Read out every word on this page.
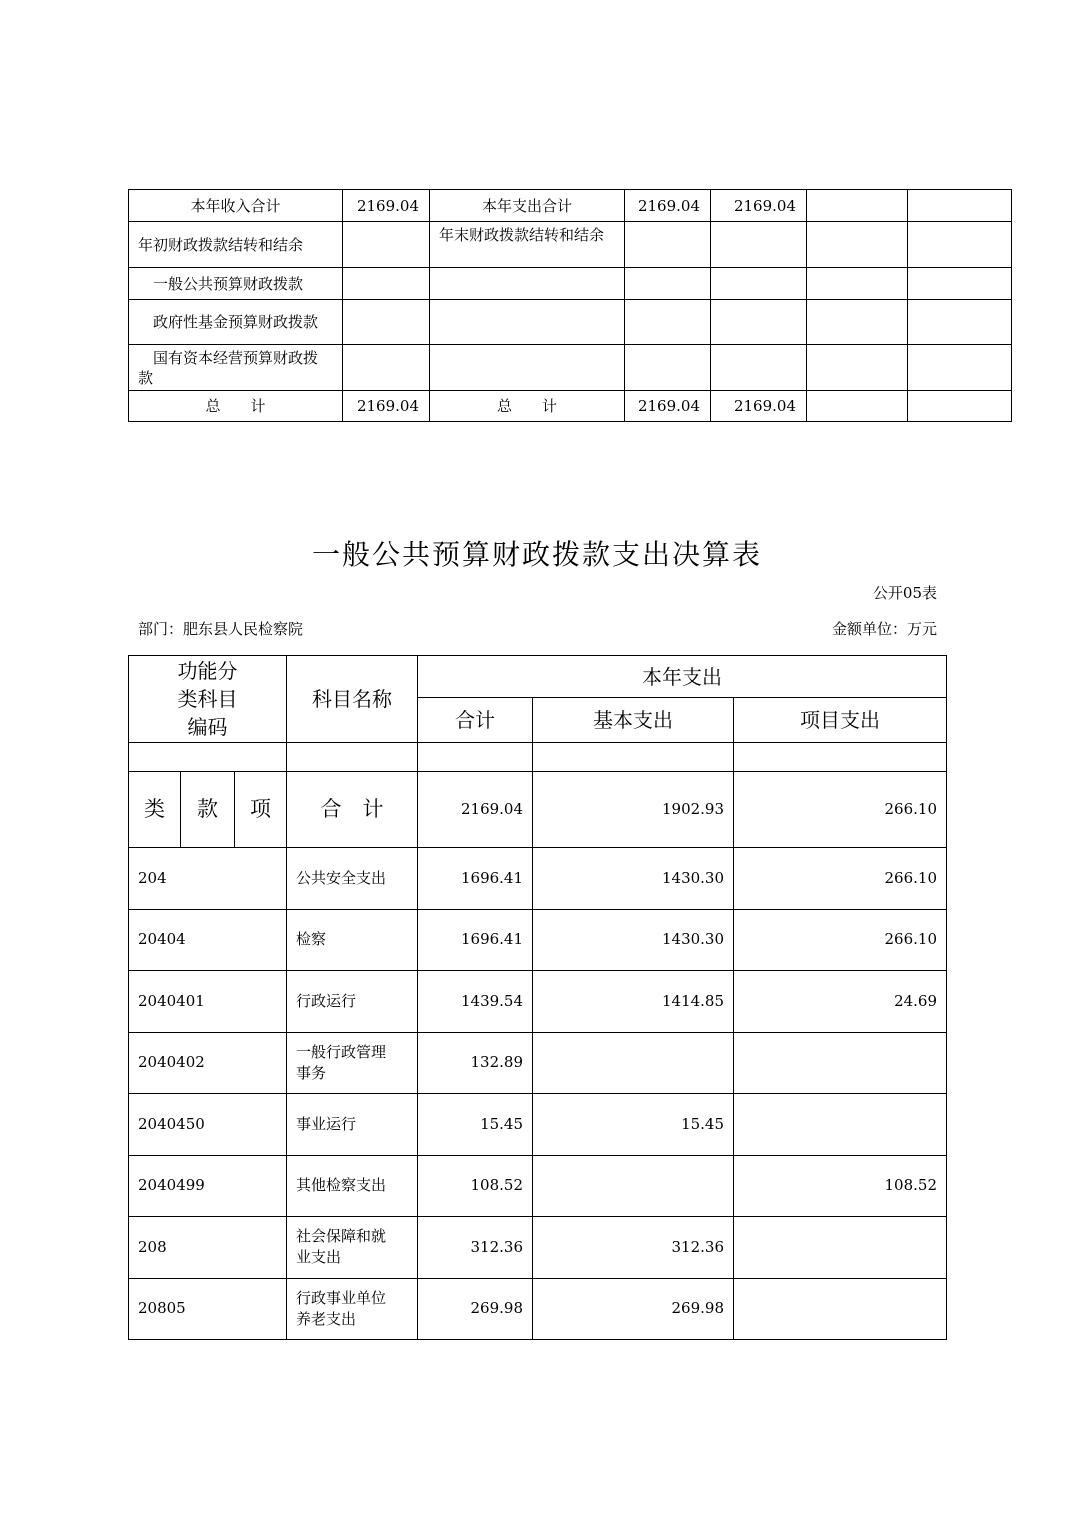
本年收入合计	2169.04	本年支出合计	2169.04	2169.04		
年初财政拨款结转和结余		年末财政拨款结转和结余				
一般公共预算财政拨款						
政府性基金预算财政拨款						
国有资本经营预算财政拨款						
总　　计	2169.04	总　　计	2169.04	2169.04		
一般公共预算财政拨款支出决算表
公开05表
部门：肥东县人民检察院	金额单位：万元
功能分类科目编码			科目名称	本年支出		
				合计	基本支出	项目支出

类	款	项	合　计	2169.04	1902.93	266.10
204			公共安全支出	1696.41	1430.30	266.10
20404			检察	1696.41	1430.30	266.10
2040401			行政运行	1439.54	1414.85	24.69
2040402			一般行政管理事务	132.89		
2040450			事业运行	15.45	15.45	
2040499			其他检察支出	108.52		108.52
208			社会保障和就业支出	312.36	312.36	
20805			行政事业单位养老支出	269.98	269.98	
